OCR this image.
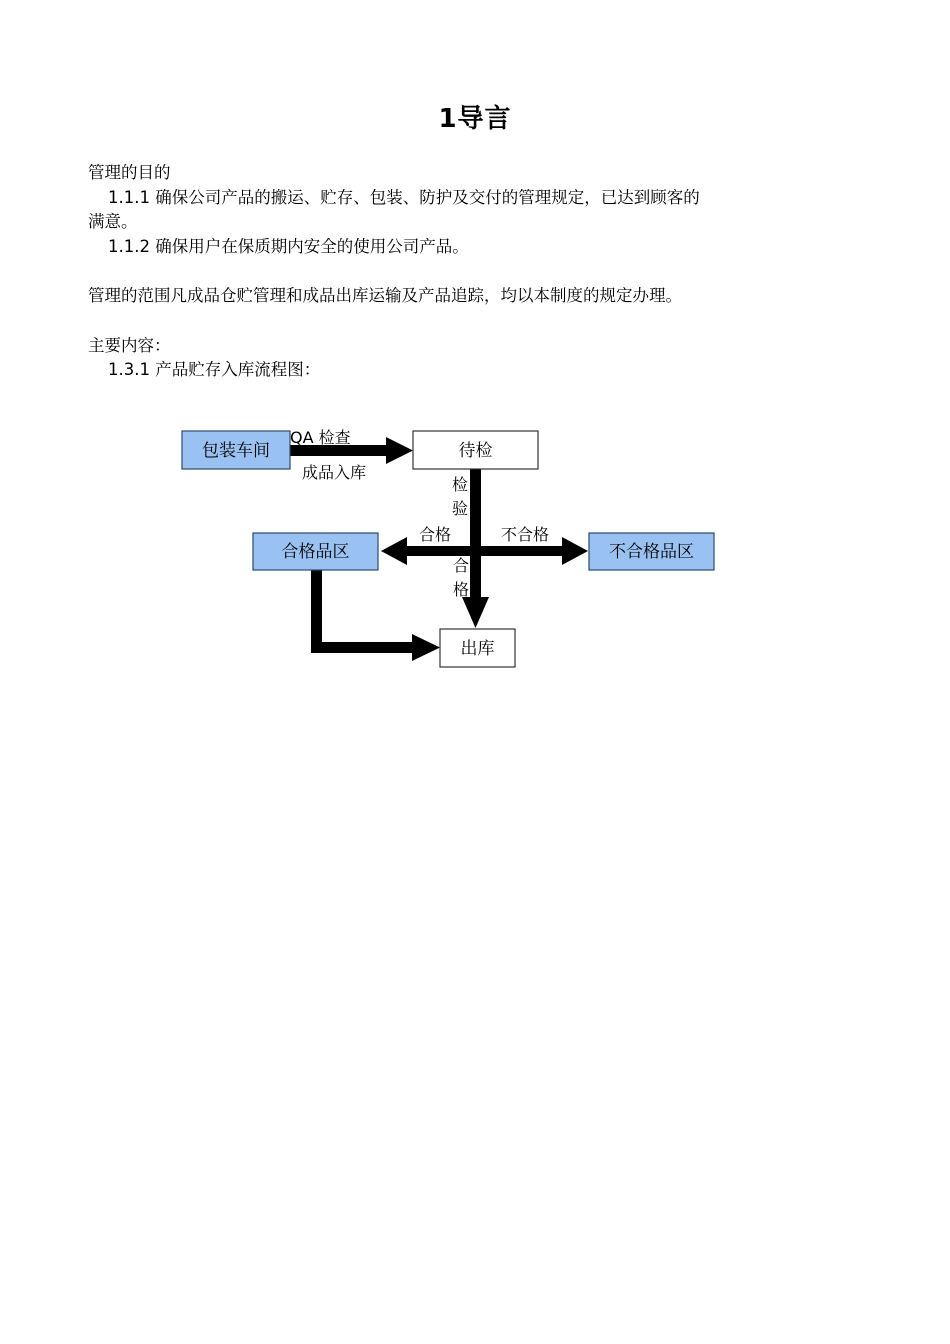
1导言
管理的目的
1.1.1 确保公司产品的搬运、贮存、包装、防护及交付的管理规定，已达到顾客的
满意。
1.1.2 确保用户在保质期内安全的使用公司产品。
管理的范围凡成品仓贮管理和成品出库运输及产品追踪，均以本制度的规定办理。
主要内容：
1.3.1 产品贮存入库流程图：
包装车间	待检
合格品区	不合格品区
出库
QA 检查
成品入库
检
验
合格	不合格
合
格
